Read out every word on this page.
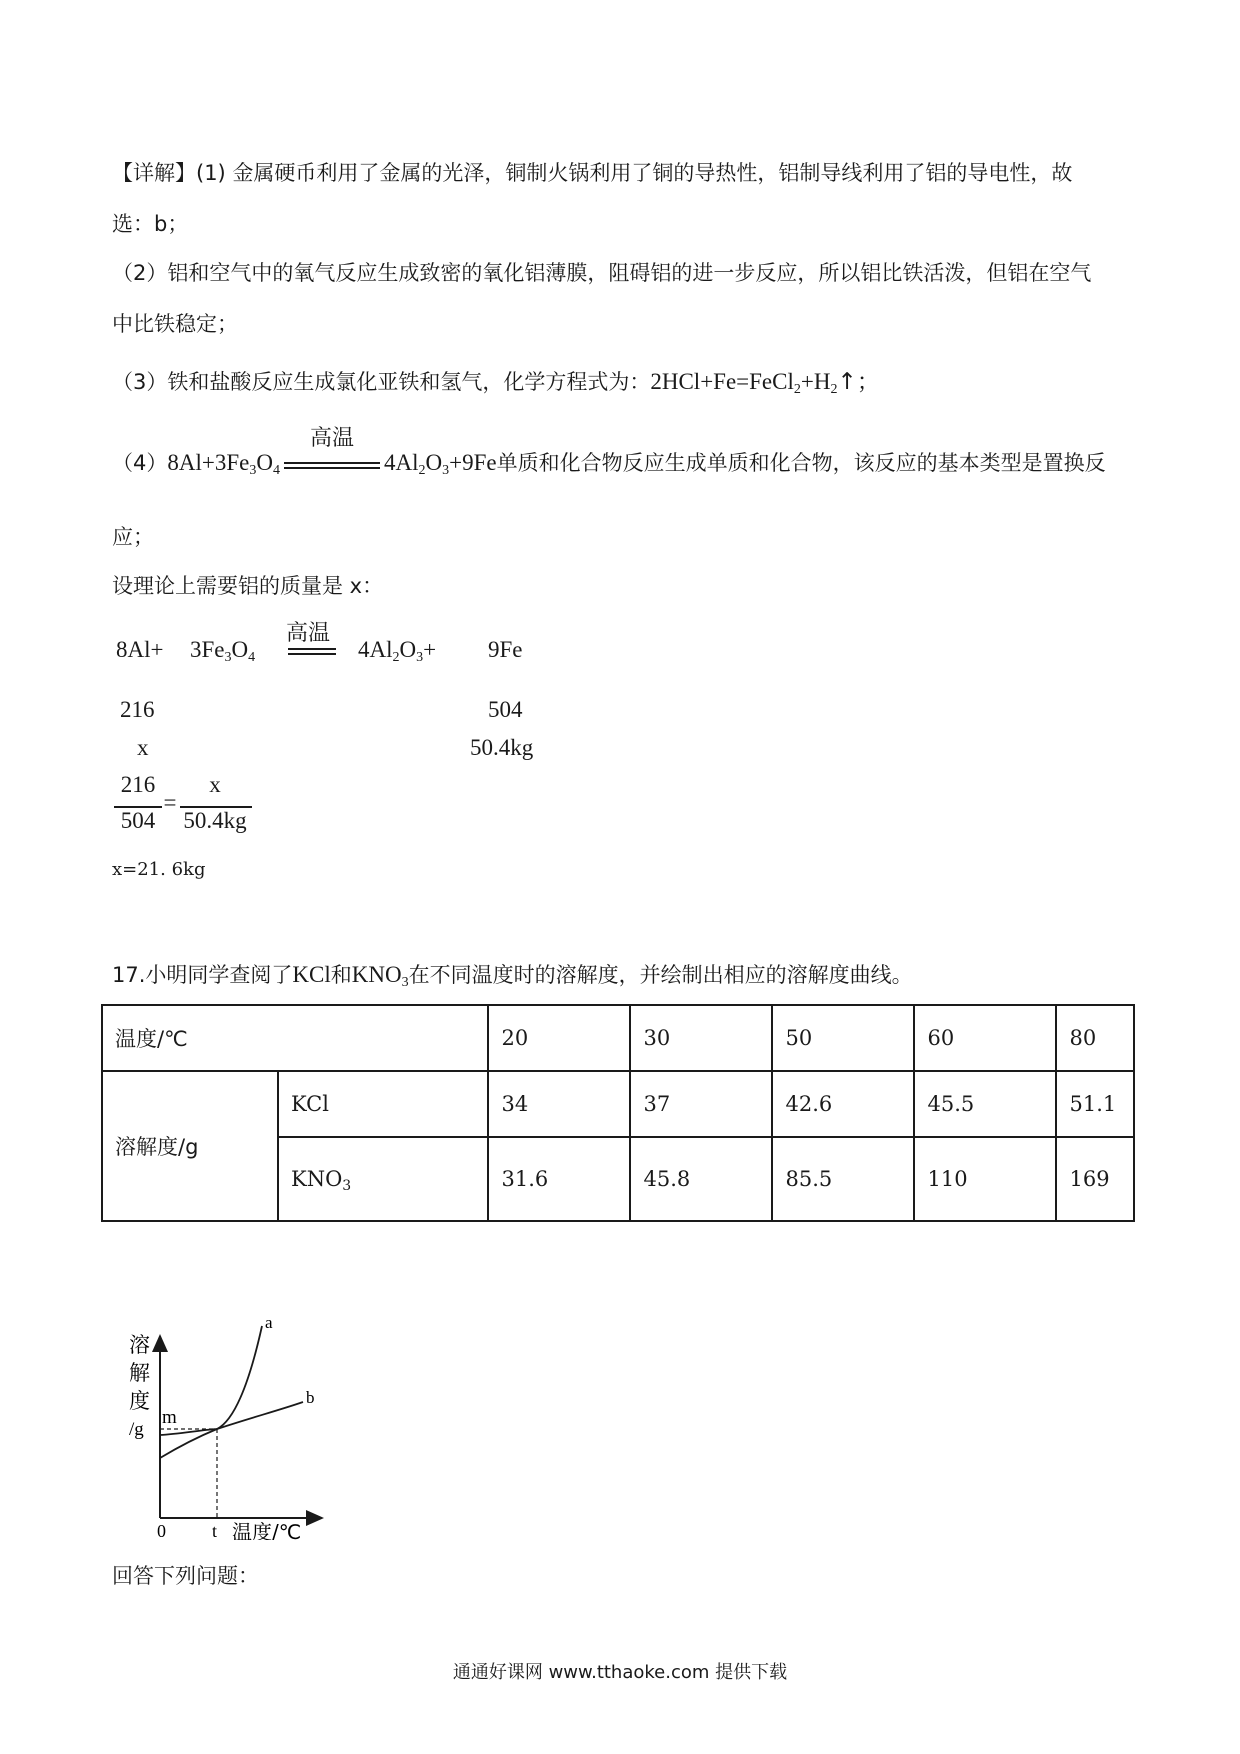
【详解】(1) 金属硬币利用了金属的光泽，铜制火锅利用了铜的导热性，铝制导线利用了铝的导电性，故
选：b；
（2）铝和空气中的氧气反应生成致密的氧化铝薄膜，阻碍铝的进一步反应，所以铝比铁活泼，但铝在空气
中比铁稳定；
（3）铁和盐酸反应生成氯化亚铁和氢气，化学方程式为：$2HCl+Fe=FeCl_2+H_2↑$；
$(4)8Al+3Fe_3O_4$
高温
$4Al_2O_3+9Fe$单质和化合物反应生成单质和化合物，该反应的基本类型是置换反
应；
设理论上需要铝的质量是 x：
$8Al+ 3Fe_3O_4$
高温
$4Al_2O_3+ 9Fe$
216	504
x	50.4kg
216
504
=
x
50.4kg
x=21. 6kg
17.小明同学查阅了KCl和$KNO_3$在不同温度时的溶解度，并绘制出相应的溶解度曲线。
温度/℃		20	30	50	60	80
溶解度/g	KCl	34	37	42.6	45.5	51.1
	$KNO_3$	31.6	45.8	85.5	110	169
溶
解
度
/g
m
a
b
0	t 温度/℃
回答下列问题：
通通好课网 www.tthaoke.com 提供下载
